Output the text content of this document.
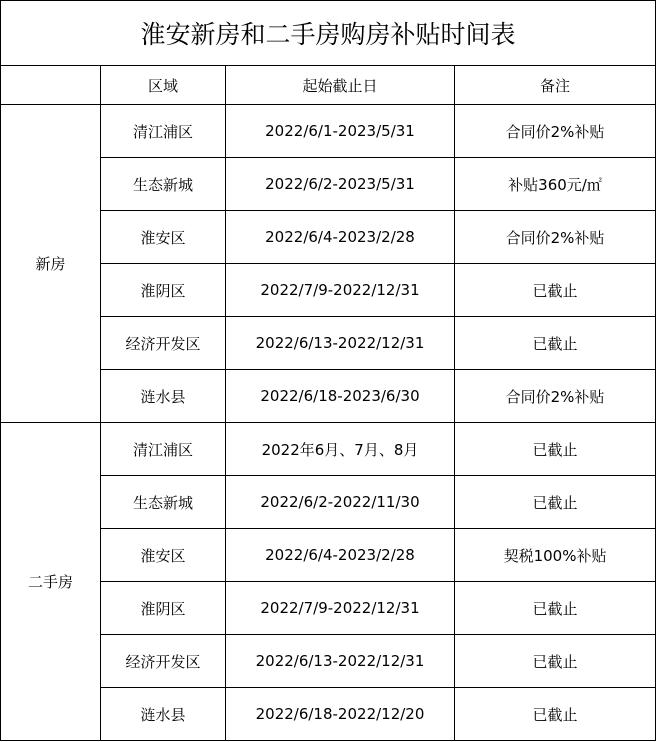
淮安新房和二手房购房补贴时间表			
	区域	起始截止日	备注
新房	清江浦区	2022/6/1-2023/5/31	合同价2%补贴
	生态新城	2022/6/2-2023/5/31	补贴360元/㎡
	淮安区	2022/6/4-2023/2/28	合同价2%补贴
	淮阴区	2022/7/9-2022/12/31	已截止
	经济开发区	2022/6/13-2022/12/31	已截止
	涟水县	2022/6/18-2023/6/30	合同价2%补贴
二手房	清江浦区	2022年6月、7月、8月	已截止
	生态新城	2022/6/2-2022/11/30	已截止
	淮安区	2022/6/4-2023/2/28	契税100%补贴
	淮阴区	2022/7/9-2022/12/31	已截止
	经济开发区	2022/6/13-2022/12/31	已截止
	涟水县	2022/6/18-2022/12/20	已截止
